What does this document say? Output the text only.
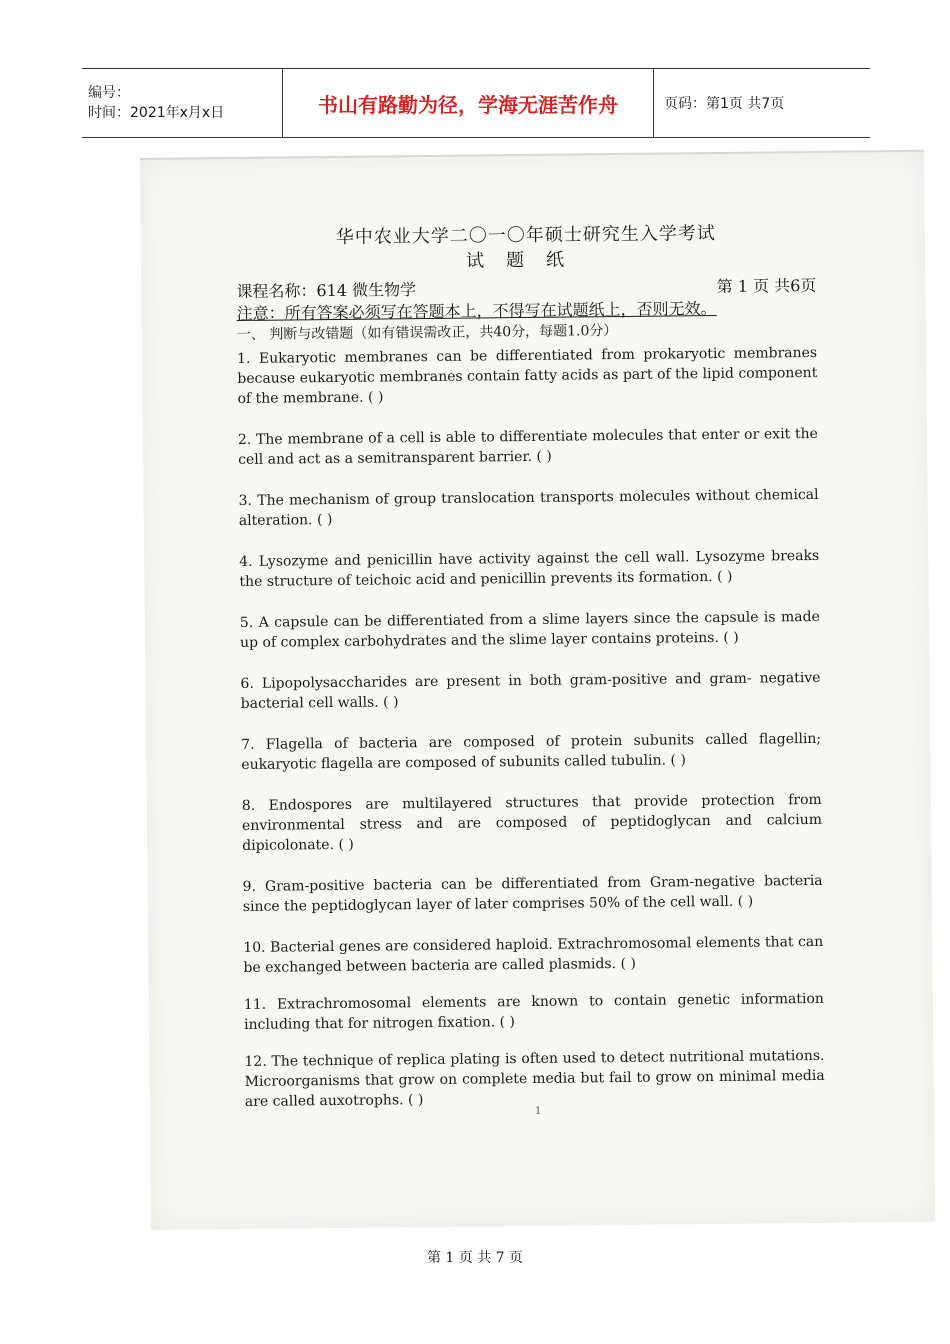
编号：
时间：2021年x月x日	书山有路勤为径，学海无涯苦作舟	页码：第1页 共7页

华中农业大学二〇一〇年硕士研究生入学考试

试题纸

课程名称：614 微生物学	第 1 页 共6页
注意：所有答案必须写在答题本上，不得写在试题纸上，否则无效。
一、 判断与改错题（如有错误需改正，共40分，每题1.0分）
1. Eukaryotic membranes can be differentiated from prokaryotic membranes because eukaryotic membranes contain fatty acids as part of the lipid component of the membrane. ( )
2. The membrane of a cell is able to differentiate molecules that enter or exit the cell and act as a semitransparent barrier. ( )
3. The mechanism of group translocation transports molecules without chemical alteration. ( )
4. Lysozyme and penicillin have activity against the cell wall. Lysozyme breaks the structure of teichoic acid and penicillin prevents its formation. ( )
5. A capsule can be differentiated from a slime layers since the capsule is made up of complex carbohydrates and the slime layer contains proteins. ( )
6. Lipopolysaccharides are present in both gram-positive and gram- negative bacterial cell walls. ( )
7. Flagella of bacteria are composed of protein subunits called flagellin; eukaryotic flagella are composed of subunits called tubulin. ( )
8. Endospores are multilayered structures that provide protection from environmental stress and are composed of peptidoglycan and calcium dipicolonate. ( )
9. Gram-positive bacteria can be differentiated from Gram-negative bacteria since the peptidoglycan layer of later comprises 50% of the cell wall. ( )
10. Bacterial genes are considered haploid. Extrachromosomal elements that can be exchanged between bacteria are called plasmids. ( )
11. Extrachromosomal elements are known to contain genetic information including that for nitrogen fixation. ( )
12. The technique of replica plating is often used to detect nutritional mutations. Microorganisms that grow on complete media but fail to grow on minimal media are called auxotrophs. ( )
1
第 1 页 共 7 页
